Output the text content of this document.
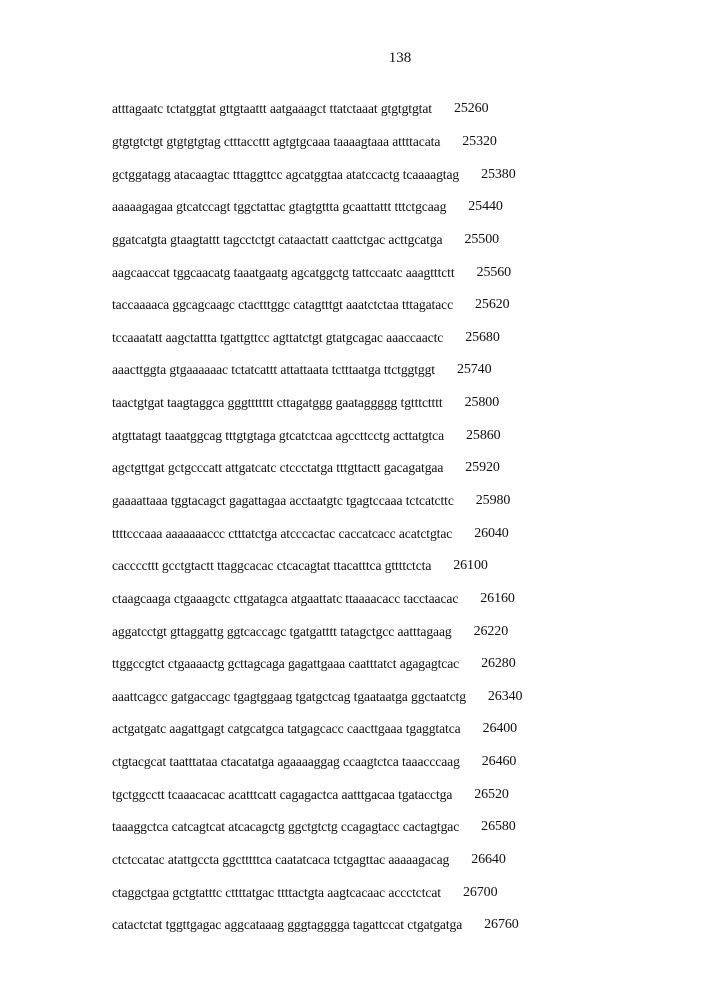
138
atttagaatc tctatggtat gttgtaattt aatgaaagct ttatctaaat gtgtgtgtat 25260
gtgtgtctgt gtgtgtgtag ctttaccttt agtgtgcaaa taaaagtaaa attttacata 25320
gctggatagg atacaagtac tttaggttcc agcatggtaa atatccactg tcaaaagtag 25380
aaaaagagaa gtcatccagt tggctattac gtagtgttta gcaattattt tttctgcaag 25440
ggatcatgta gtaagtattt tagcctctgt cataactatt caattctgac acttgcatga 25500
aagcaaccat tggcaacatg taaatgaatg agcatggctg tattccaatc aaagtttctt 25560
taccaaaaca ggcagcaagc ctactttggc catagtttgt aaatctctaa tttagatacc 25620
tccaaatatt aagctattta tgattgttcc agttatctgt gtatgcagac aaaccaactc 25680
aaacttggta gtgaaaaaac tctatcattt attattaata tctttaatga ttctggtggt 25740
taactgtgat taagtaggca gggttttttt cttagatggg gaataggggg tgtttctttt 25800
atgttatagt taaatggcag tttgtgtaga gtcatctcaa agccttcctg acttatgtca 25860
agctgttgat gctgcccatt attgatcatc ctccctatga tttgttactt gacagatgaa 25920
gaaaattaaa tggtacagct gagattagaa acctaatgtc tgagtccaaa tctcatcttc 25980
ttttcccaaa aaaaaaaccc ctttatctga atcccactac caccatcacc acatctgtac 26040
caccccttt gcctgtactt ttaggcacac ctcacagtat ttacatttca gttttctcta 26100
ctaagcaaga ctgaaagctc cttgatagca atgaattatc ttaaaacacc tacctaacac 26160
aggatcctgt gttaggattg ggtcaccagc tgatgatttt tatagctgcc aatttagaag 26220
ttggccgtct ctgaaaactg gcttagcaga gagattgaaa caatttatct agagagtcac 26280
aaattcagcc gatgaccagc tgagtggaag tgatgctcag tgaataatga ggctaatctg 26340
actgatgatc aagattgagt catgcatgca tatgagcacc caacttgaaa tgaggtatca 26400
ctgtacgcat taatttataa ctacatatga agaaaaggag ccaagtctca taaacccaag 26460
tgctggcctt tcaaacacac acatttcatt cagagactca aatttgacaa tgatacctga 26520
taaaggctca catcagtcat atcacagctg ggctgtctg ccagagtacc cactagtgac 26580
ctctccatac atattgccta ggctttttca caatatcaca tctgagttac aaaaagacag 26640
ctaggctgaa gctgtatttc cttttatgac ttttactgta aagtcacaac accctctcat 26700
catactctat tggttgagac aggcataaag gggtagggga tagattccat ctgatgatga 26760
